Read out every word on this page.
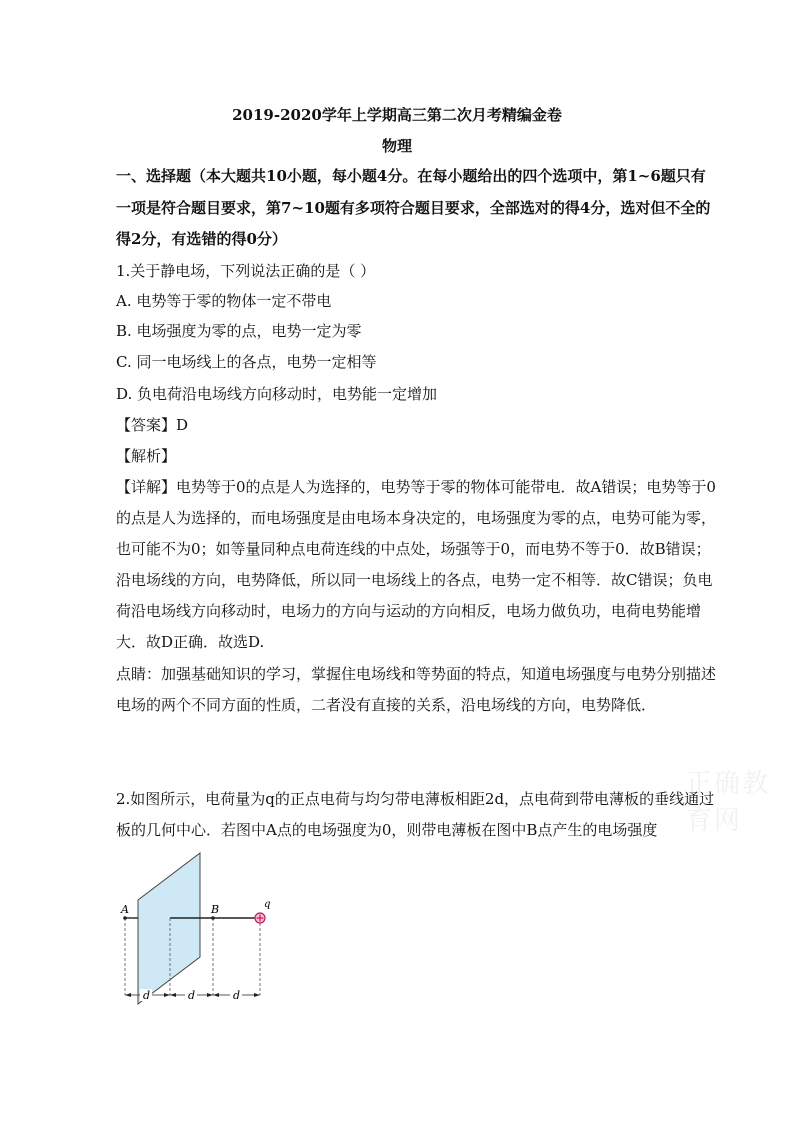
2019-2020学年上学期高三第二次月考精编金卷
物理
一、选择题（本大题共10小题，每小题4分。在每小题给出的四个选项中，第1~6题只有
一项是符合题目要求，第7~10题有多项符合题目要求，全部选对的得4分，选对但不全的
得2分，有选错的得0分）
1.关于静电场，下列说法正确的是（ ）
A. 电势等于零的物体一定不带电
B. 电场强度为零的点，电势一定为零
C. 同一电场线上的各点，电势一定相等
D. 负电荷沿电场线方向移动时，电势能一定增加
【答案】D
【解析】
【详解】电势等于0的点是人为选择的，电势等于零的物体可能带电．故A错误；电势等于0
的点是人为选择的，而电场强度是由电场本身决定的，电场强度为零的点，电势可能为零，
也可能不为0；如等量同种点电荷连线的中点处，场强等于0，而电势不等于0．故B错误；
沿电场线的方向，电势降低，所以同一电场线上的各点，电势一定不相等．故C错误；负电
荷沿电场线方向移动时，电场力的方向与运动的方向相反，电场力做负功，电荷电势能增
大．故D正确．故选D.
点睛：加强基础知识的学习，掌握住电场线和等势面的特点，知道电场强度与电势分别描述
电场的两个不同方面的性质，二者没有直接的关系，沿电场线的方向，电势降低．
正确教育网
2.如图所示，电荷量为q的正点电荷与均匀带电薄板相距2d，点电荷到带电薄板的垂线通过
板的几何中心．若图中A点的电场强度为0，则带电薄板在图中B点产生的电场强度
A	B	q
d	d	d
